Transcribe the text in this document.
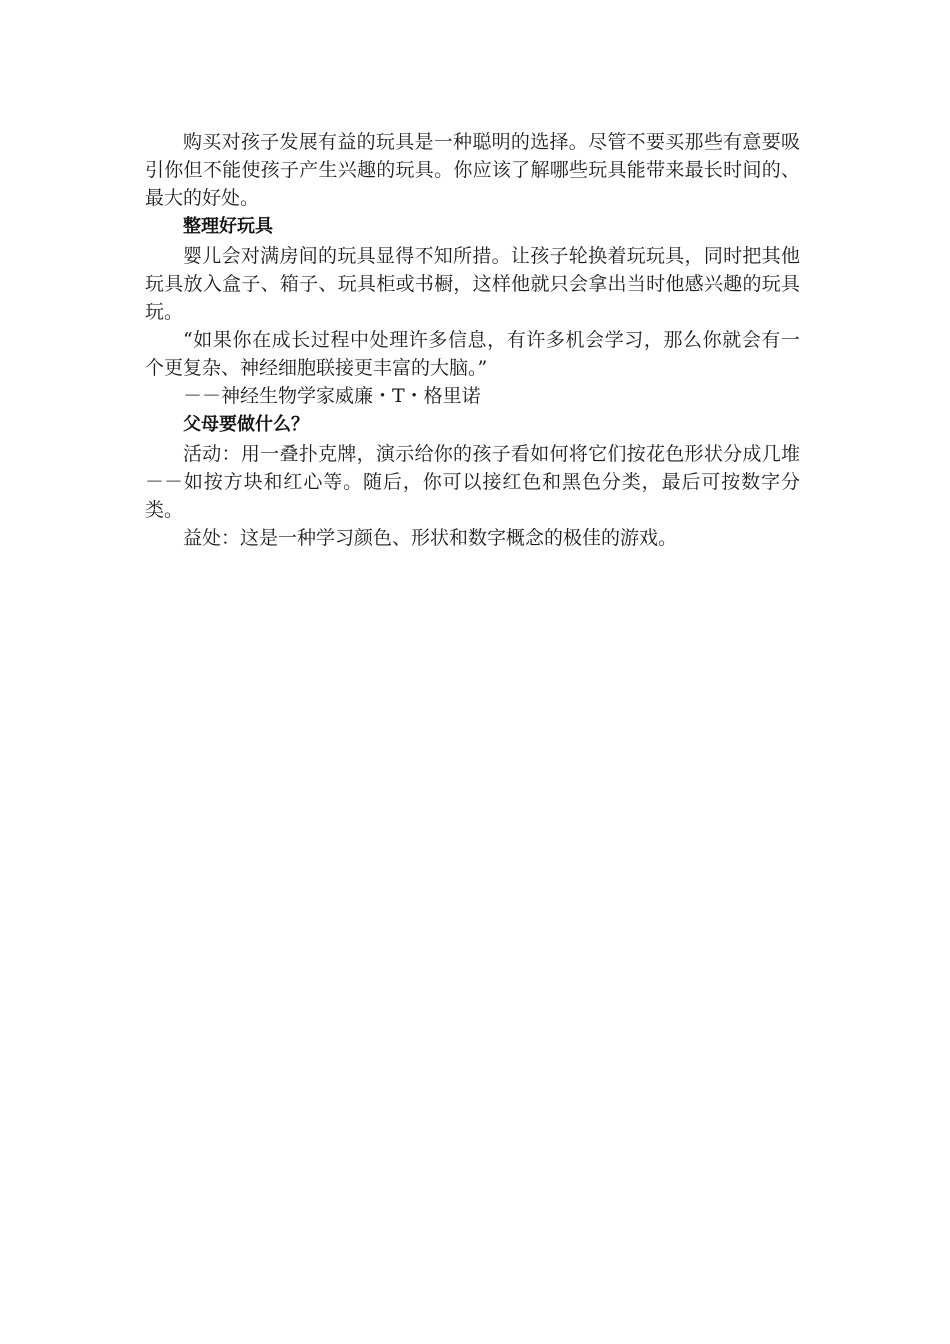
购买对孩子发展有益的玩具是一种聪明的选择。尽管不要买那些有意要吸引你但不能使孩子产生兴趣的玩具。你应该了解哪些玩具能带来最长时间的、最大的好处。

整理好玩具

婴儿会对满房间的玩具显得不知所措。让孩子轮换着玩玩具，同时把其他玩具放入盒子、箱子、玩具柜或书橱，这样他就只会拿出当时他感兴趣的玩具玩。

“如果你在成长过程中处理许多信息，有许多机会学习，那么你就会有一个更复杂、神经细胞联接更丰富的大脑。”

－－神经生物学家威廉・T・格里诺

父母要做什么？

活动：用一叠扑克牌，演示给你的孩子看如何将它们按花色形状分成几堆－－如按方块和红心等。随后，你可以接红色和黑色分类，最后可按数字分类。

益处：这是一种学习颜色、形状和数字概念的极佳的游戏。
